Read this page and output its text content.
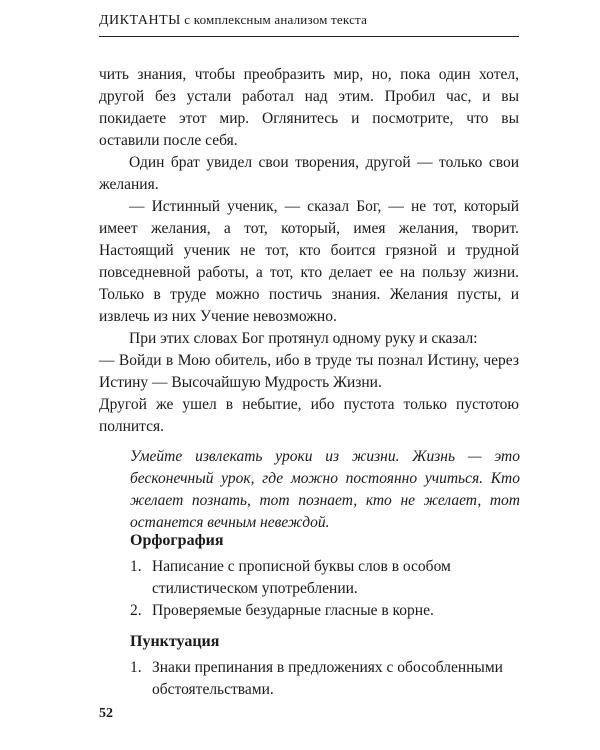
ДИКТАНТЫ с комплексным анализом текста

чить знания, чтобы преобразить мир, но, пока один хотел, другой без устали работал над этим. Пробил час, и вы покидаете этот мир. Оглянитесь и посмотрите, что вы оставили после себя.

Один брат увидел свои творения, другой — только свои желания.

— Истинный ученик, — сказал Бог, — не тот, который имеет желания, а тот, который, имея желания, творит. Настоящий ученик не тот, кто боится грязной и трудной повседневной работы, а тот, кто делает ее на пользу жизни. Только в труде можно постичь знания. Желания пусты, и извлечь из них Учение невозможно.

При этих словах Бог протянул одному руку и сказал:

— Войди в Мою обитель, ибо в труде ты познал Истину, через Истину — Высочайшую Мудрость Жизни.

Другой же ушел в небытие, ибо пустота только пустотою полнится.

Умейте извлекать уроки из жизни. Жизнь — это бесконечный урок, где можно постоянно учиться. Кто желает познать, тот познает, кто не желает, тот останется вечным невеждой.

Орфография
1. Написание с прописной буквы слов в особом стилистическом употреблении.
2. Проверяемые безударные гласные в корне.
Пунктуация
1. Знаки препинания в предложениях с обособленными обстоятельствами.
52
